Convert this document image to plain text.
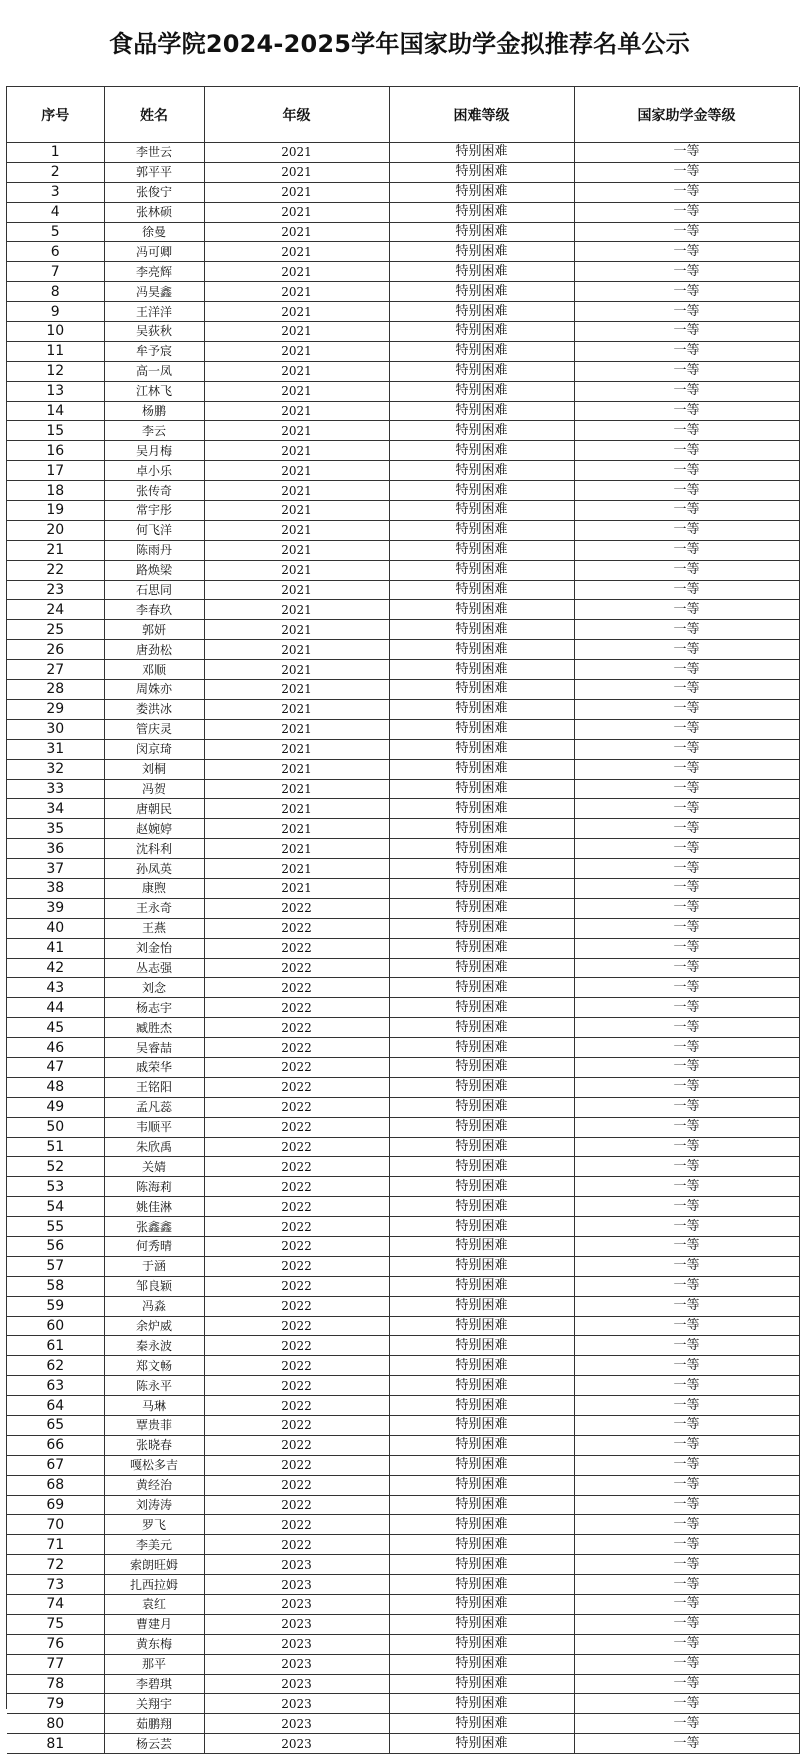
食品学院2024-2025学年国家助学金拟推荐名单公示
序号	姓名	年级	困难等级	国家助学金等级
1	李世云	2021	特别困难	一等
2	郭平平	2021	特别困难	一等
3	张俊宁	2021	特别困难	一等
4	张林硕	2021	特别困难	一等
5	徐曼	2021	特别困难	一等
6	冯可卿	2021	特别困难	一等
7	李亮辉	2021	特别困难	一等
8	冯昊鑫	2021	特别困难	一等
9	王洋洋	2021	特别困难	一等
10	吴荻秋	2021	特别困难	一等
11	牟予宸	2021	特别困难	一等
12	高一凤	2021	特别困难	一等
13	江林飞	2021	特别困难	一等
14	杨鹏	2021	特别困难	一等
15	李云	2021	特别困难	一等
16	吴月梅	2021	特别困难	一等
17	卓小乐	2021	特别困难	一等
18	张传奇	2021	特别困难	一等
19	常宇彤	2021	特别困难	一等
20	何飞洋	2021	特别困难	一等
21	陈雨丹	2021	特别困难	一等
22	路焕梁	2021	特别困难	一等
23	石思同	2021	特别困难	一等
24	李春玖	2021	特别困难	一等
25	郭妍	2021	特别困难	一等
26	唐劲松	2021	特别困难	一等
27	邓顺	2021	特别困难	一等
28	周姝亦	2021	特别困难	一等
29	娄洪冰	2021	特别困难	一等
30	管庆灵	2021	特别困难	一等
31	闵京琦	2021	特别困难	一等
32	刘桐	2021	特别困难	一等
33	冯贺	2021	特别困难	一等
34	唐朝民	2021	特别困难	一等
35	赵婉婷	2021	特别困难	一等
36	沈科利	2021	特别困难	一等
37	孙凤英	2021	特别困难	一等
38	康煦	2021	特别困难	一等
39	王永奇	2022	特别困难	一等
40	王燕	2022	特别困难	一等
41	刘金怡	2022	特别困难	一等
42	丛志强	2022	特别困难	一等
43	刘念	2022	特别困难	一等
44	杨志宇	2022	特别困难	一等
45	臧胜杰	2022	特别困难	一等
46	吴睿喆	2022	特别困难	一等
47	戚荣华	2022	特别困难	一等
48	王铭阳	2022	特别困难	一等
49	孟凡蕊	2022	特别困难	一等
50	韦顺平	2022	特别困难	一等
51	朱欣禹	2022	特别困难	一等
52	关婧	2022	特别困难	一等
53	陈海莉	2022	特别困难	一等
54	姚佳淋	2022	特别困难	一等
55	张鑫鑫	2022	特别困难	一等
56	何秀晴	2022	特别困难	一等
57	于涵	2022	特别困难	一等
58	邹良颖	2022	特别困难	一等
59	冯淼	2022	特别困难	一等
60	余炉威	2022	特别困难	一等
61	秦永波	2022	特别困难	一等
62	郑文畅	2022	特别困难	一等
63	陈永平	2022	特别困难	一等
64	马琳	2022	特别困难	一等
65	覃贵菲	2022	特别困难	一等
66	张晓春	2022	特别困难	一等
67	嘎松多吉	2022	特别困难	一等
68	黄经治	2022	特别困难	一等
69	刘涛涛	2022	特别困难	一等
70	罗飞	2022	特别困难	一等
71	李美元	2022	特别困难	一等
72	索朗旺姆	2023	特别困难	一等
73	扎西拉姆	2023	特别困难	一等
74	袁红	2023	特别困难	一等
75	曹建月	2023	特别困难	一等
76	黄东梅	2023	特别困难	一等
77	那平	2023	特别困难	一等
78	李碧琪	2023	特别困难	一等
79	关翔宇	2023	特别困难	一等
80	茹鹏翔	2023	特别困难	一等
81	杨云芸	2023	特别困难	一等
